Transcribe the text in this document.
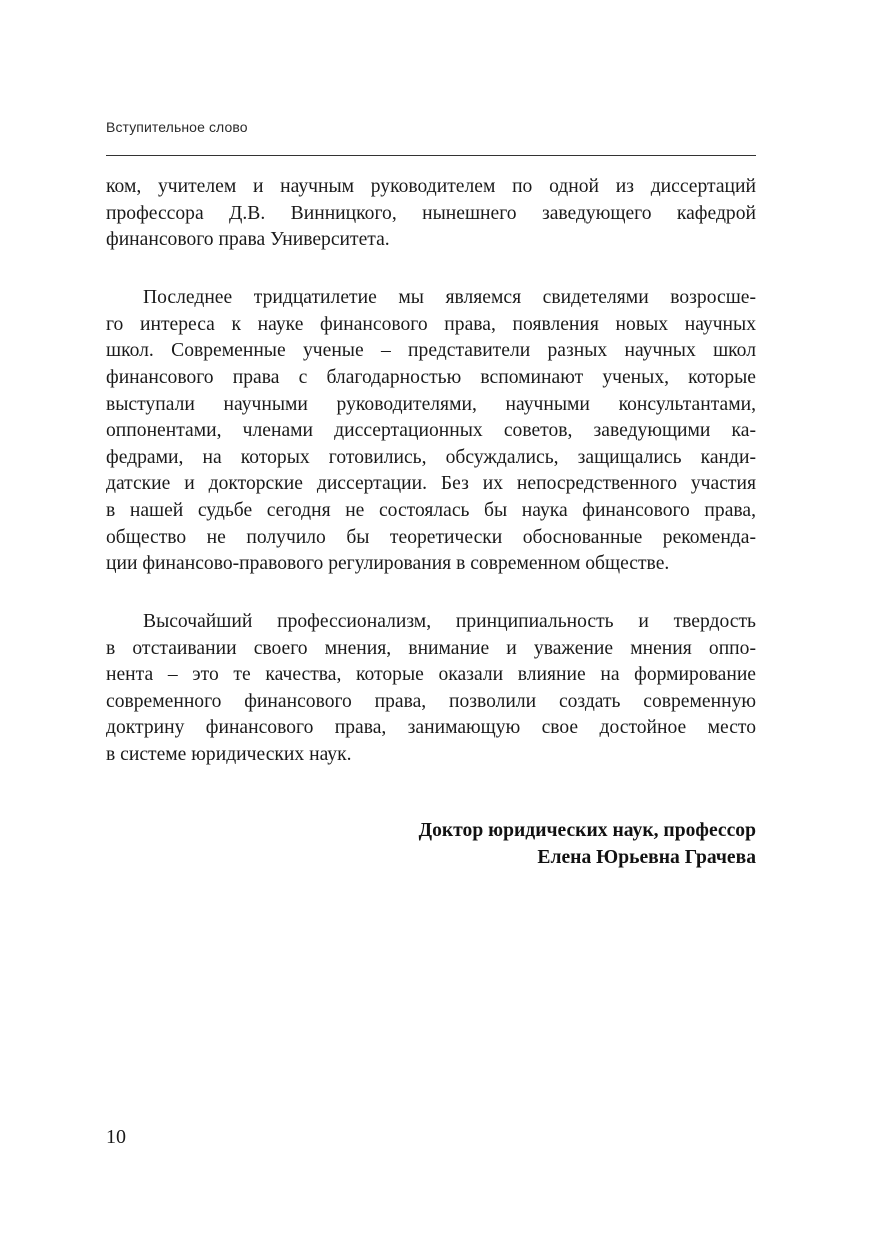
Вступительное слово
ком, учителем и научным руководителем по одной из диссертаций
профессора Д.В. Винницкого, нынешнего заведующего кафедрой
финансового права Университета.
Последнее тридцатилетие мы являемся свидетелями возросше-
го интереса к науке финансового права, появления новых научных
школ. Современные ученые – представители разных научных школ
финансового права с благодарностью вспоминают ученых, которые
выступали научными руководителями, научными консультантами,
оппонентами, членами диссертационных советов, заведующими ка-
федрами, на которых готовились, обсуждались, защищались канди-
датские и докторские диссертации. Без их непосредственного участия
в нашей судьбе сегодня не состоялась бы наука финансового права,
общество не получило бы теоретически обоснованные рекоменда-
ции финансово-правового регулирования в современном обществе.
Высочайший профессионализм, принципиальность и твердость
в отстаивании своего мнения, внимание и уважение мнения оппо-
нента – это те качества, которые оказали влияние на формирование
современного финансового права, позволили создать современную
доктрину финансового права, занимающую свое достойное место
в системе юридических наук.
Доктор юридических наук, профессор
Елена Юрьевна Грачева
10
